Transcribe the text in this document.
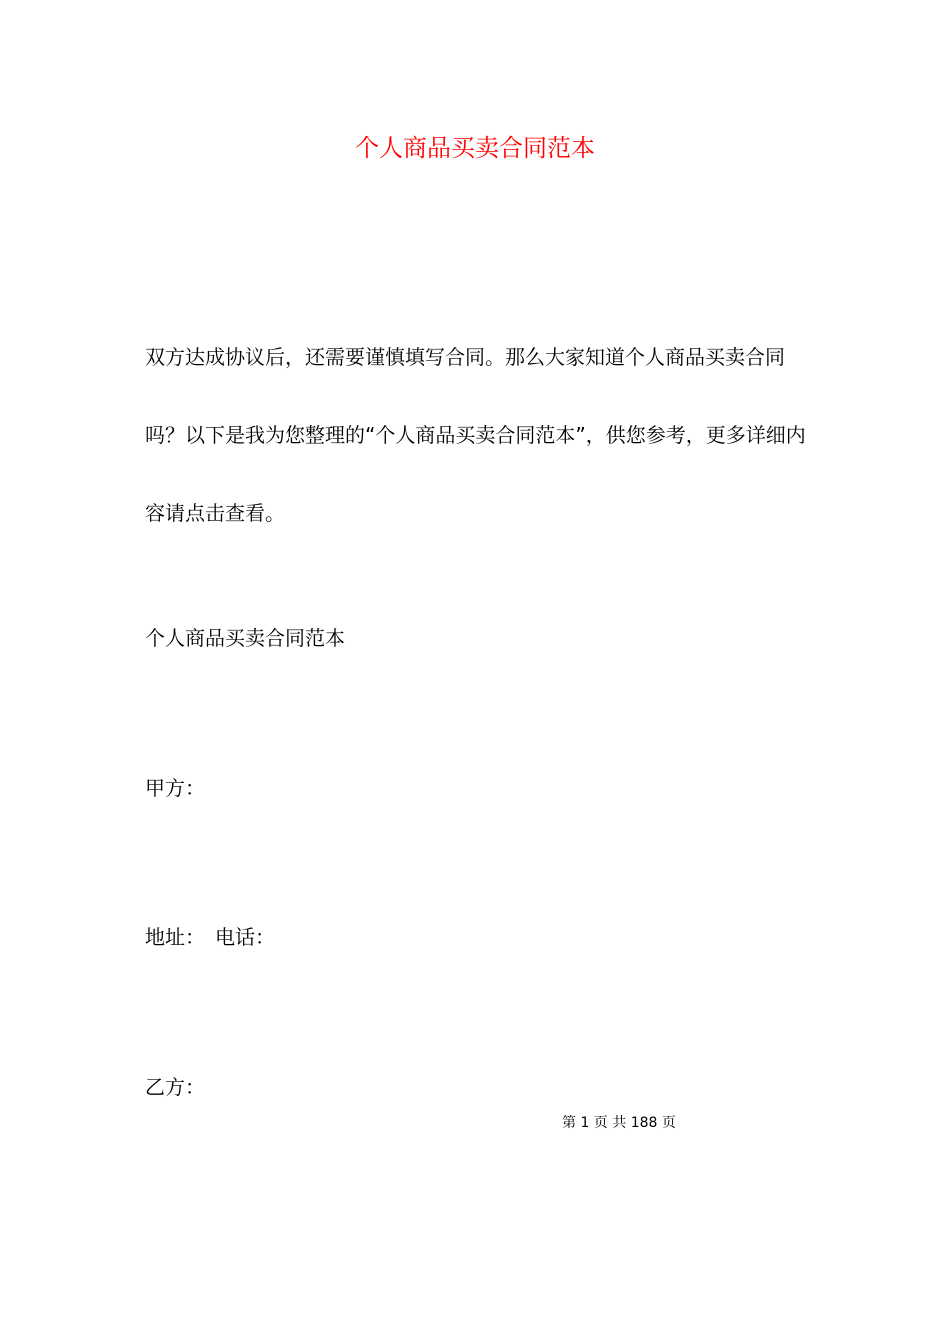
个人商品买卖合同范本

双方达成协议后，还需要谨慎填写合同。那么大家知道个人商品买卖合同吗？以下是我为您整理的“个人商品买卖合同范本”，供您参考，更多详细内容请点击查看。

个人商品买卖合同范本

甲方：

地址： 电话：

乙方：

第 1 页 共 188 页
